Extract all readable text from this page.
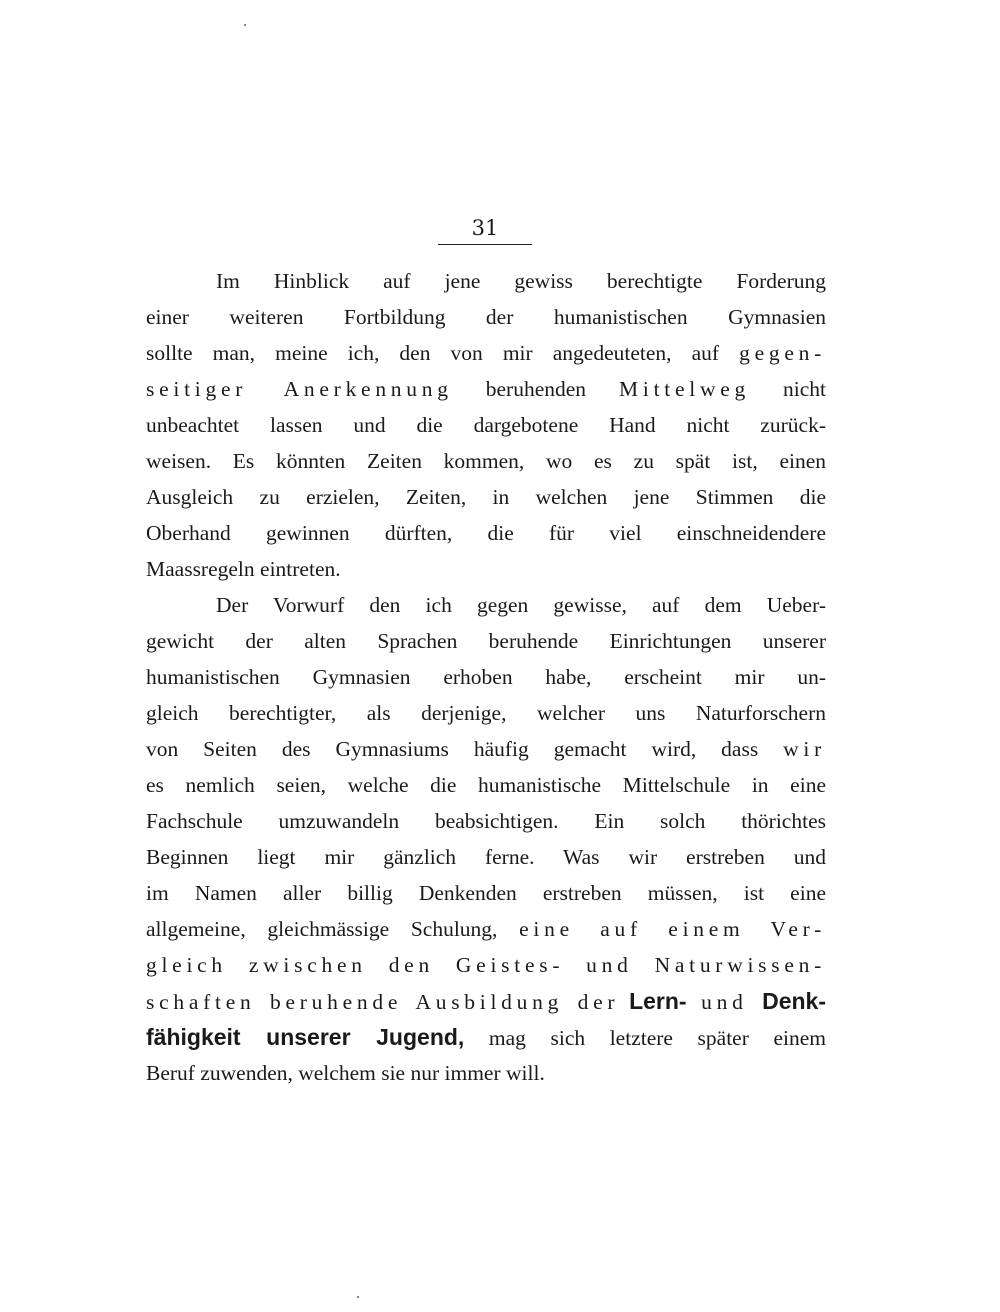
31
Im Hinblick auf jene gewiss berechtigte Forderung
einer weiteren Fortbildung der humanistischen Gymnasien
sollte man, meine ich, den von mir angedeuteten, auf gegen-
seitiger Anerkennung beruhenden Mittelweg nicht
unbeachtet lassen und die dargebotene Hand nicht zurück-
weisen. Es könnten Zeiten kommen, wo es zu spät ist, einen
Ausgleich zu erzielen, Zeiten, in welchen jene Stimmen die
Oberhand gewinnen dürften, die für viel einschneidendere
Maassregeln eintreten.
Der Vorwurf den ich gegen gewisse, auf dem Ueber-
gewicht der alten Sprachen beruhende Einrichtungen unserer
humanistischen Gymnasien erhoben habe, erscheint mir un-
gleich berechtigter, als derjenige, welcher uns Naturforschern
von Seiten des Gymnasiums häufig gemacht wird, dass wir
es nemlich seien, welche die humanistische Mittelschule in eine
Fachschule umzuwandeln beabsichtigen. Ein solch thörichtes
Beginnen liegt mir gänzlich ferne. Was wir erstreben und
im Namen aller billig Denkenden erstreben müssen, ist eine
allgemeine, gleichmässige Schulung, eine auf einem Ver-
gleich zwischen den Geistes- und Naturwissen-
schaften beruhende Ausbildung der Lern- und Denk-
fähigkeit unserer Jugend, mag sich letztere später einem
Beruf zuwenden, welchem sie nur immer will.
